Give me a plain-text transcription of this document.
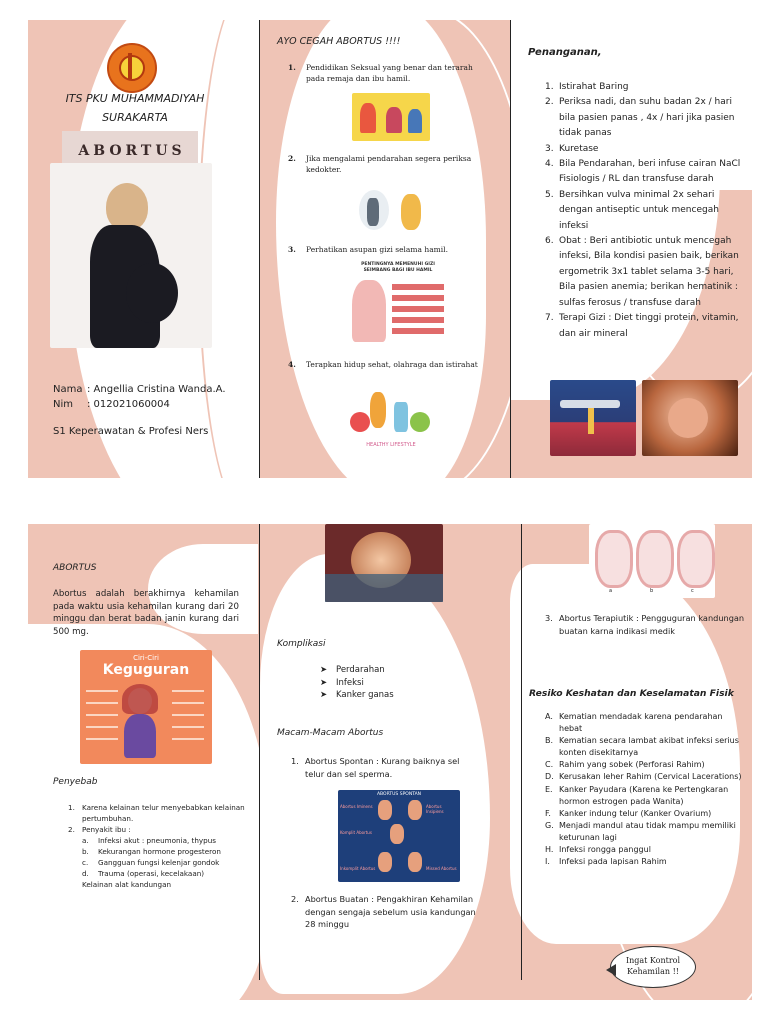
ITS PKU MUHAMMADIYAH
SURAKARTA
ABORTUS
Nama : Angellia Cristina Wanda.A.
Nim : 012021060004
S1 Keperawatan & Profesi Ners
AYO CEGAH ABORTUS !!!!
1. Pendidikan Seksual yang benar dan terarah pada remaja dan ibu hamil.
2. Jika mengalami pendarahan segera periksa kedokter.
3. Perhatikan asupan gizi selama hamil.
PENTINGNYA MEMENUHI GIZI SEIMBANG BAGI IBU HAMIL
4. Terapkan hidup sehat, olahraga dan istirahat
HEALTHY LIFESTYLE
Penanganan,
1. Istirahat Baring
2. Periksa nadi, dan suhu badan 2x / hari bila pasien panas , 4x / hari jika pasien tidak panas
3. Kuretase
4. Bila Pendarahan, beri infuse cairan NaCl Fisiologis / RL dan transfuse darah
5. Bersihkan vulva minimal 2x sehari dengan antiseptic untuk mencegah infeksi
6. Obat : Beri antibiotic untuk mencegah infeksi, Bila kondisi pasien baik, berikan ergometrik 3x1 tablet selama 3-5 hari, Bila pasien anemia; berikan hematinik : sulfas ferosus / transfuse darah
7. Terapi Gizi : Diet tinggi protein, vitamin, dan air mineral
ABORTUS
Abortus adalah berakhirnya kehamilan pada waktu usia kehamilan kurang dari 20 minggu dan berat badan janin kurang dari 500 mg.
Ciri-Ciri
Keguguran
Penyebab
1. Karena kelainan telur menyebabkan kelainan pertumbuhan.
2. Penyakit ibu :
a. Infeksi akut : pneumonia, thypus
b. Kekurangan hormone progesteron
c. Gangguan fungsi kelenjar gondok
d. Trauma (operasi, kecelakaan)
Kelainan alat kandungan
Komplikasi
➤ Perdarahan
➤ Infeksi
➤ Kanker ganas
Macam-Macam Abortus
1. Abortus Spontan : Kurang baiknya sel telur dan sel sperma.
ABORTUS SPONTAN
Abortus Iminens	Abortus Insipiens
Komplit Abortus
Inkomplit Abortus	Missed Abortus
2. Abortus Buatan : Pengakhiran Kehamilan dengan sengaja sebelum usia kandungan 28 minggu
a	b	c
3. Abortus Terapiutik : Pengguguran kandungan buatan karna indikasi medik
Resiko Keshatan dan Keselamatan Fisik
A. Kematian mendadak karena pendarahan hebat
B. Kematian secara lambat akibat infeksi serius konten disekitarnya
C. Rahim yang sobek (Perforasi Rahim)
D. Kerusakan leher Rahim (Cervical Lacerations)
E. Kanker Payudara (Karena ke Pertengkaran hormon estrogen pada Wanita)
F. Kanker indung telur (Kanker Ovarium)
G. Menjadi mandul atau tidak mampu memiliki keturunan lagi
H. Infeksi rongga panggul
I. Infeksi pada lapisan Rahim
Ingat Kontrol Kehamilan !!
